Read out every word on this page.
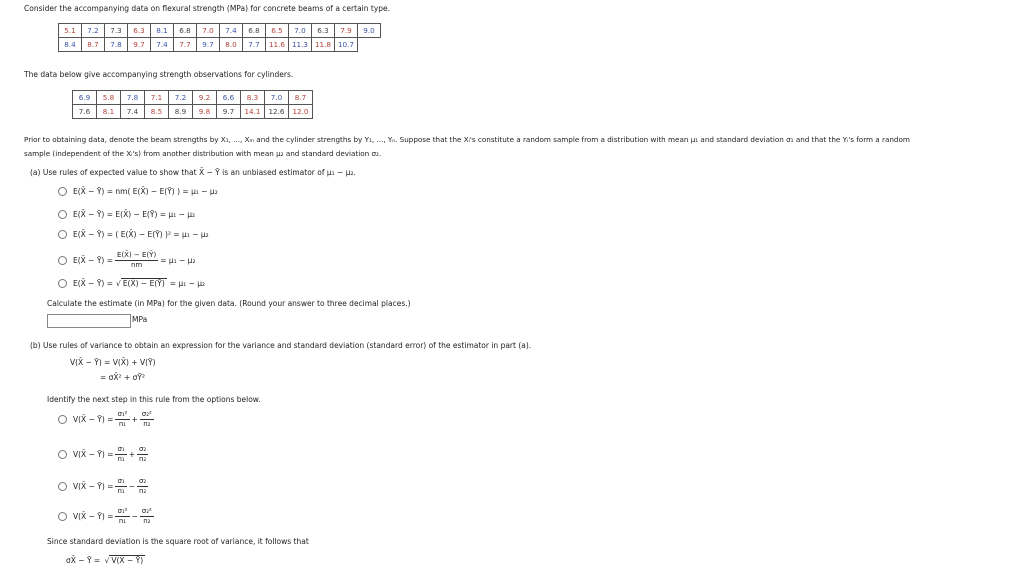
Consider the accompanying data on flexural strength (MPa) for concrete beams of a certain type.
5.1	7.2	7.3	6.3	8.1	6.8	7.0	7.4	6.8	6.5	7.0	6.3	7.9	9.0
8.4	8.7	7.8	9.7	7.4	7.7	9.7	8.0	7.7	11.6	11.3	11.8	10.7	
The data below give accompanying strength observations for cylinders.
6.9	5.8	7.8	7.1	7.2	9.2	6.6	8.3	7.0	8.7
7.6	8.1	7.4	8.5	8.9	9.8	9.7	14.1	12.6	12.0
Prior to obtaining data, denote the beam strengths by X₁, ..., Xₘ and the cylinder strengths by Y₁, ..., Yₙ. Suppose that the Xᵢ's constitute a random sample from a distribution with mean μ₁ and standard deviation σ₁ and that the Yᵢ's form a random
sample (independent of the Xᵢ's) from another distribution with mean μ₂ and standard deviation σ₂.
(a) Use rules of expected value to show that X̄ − Ȳ is an unbiased estimator of μ₁ − μ₂.
E(X̄ − Ȳ) = nm( E(X̄) − E(Ȳ) ) = μ₁ − μ₂
E(X̄ − Ȳ) = E(X̄) − E(Ȳ) = μ₁ − μ₂
E(X̄ − Ȳ) = ( E(X̄) − E(Ȳ) )² = μ₁ − μ₂
E(X̄ − Ȳ) = $\frac{E(X̄) - E(Ȳ)}{nm} = \mu_1 - \mu_2$
E(X̄ − Ȳ) = √ E(X̄) − E(Ȳ) = μ₁ − μ₂
Calculate the estimate (in MPa) for the given data. (Round your answer to three decimal places.)
MPa
(b) Use rules of variance to obtain an expression for the variance and standard deviation (standard error) of the estimator in part (a).
V(X̄ − Ȳ) = V(X̄) + V(Ȳ)
= σX̄² + σȲ²
Identify the next step in this rule from the options below.
V(X̄ − Ȳ) = $\frac{\text{σ₁²}}{\text{n₁}} + \frac{\text{σ₂²}}{\text{n₂}}$
V(X̄ − Ȳ) = $\frac{\text{σ₁}}{\text{n₁}} + \frac{\text{σ₂}}{\text{n₂}}$
V(X̄ − Ȳ) = $\frac{\text{σ₁}}{\text{n₁}} - \frac{\text{σ₂}}{\text{n₂}}$
V(X̄ − Ȳ) = $\frac{\text{σ₁²}}{\text{n₁}} - \frac{\text{σ₂²}}{\text{n₂}}$
Since standard deviation is the square root of variance, it follows that
σX̄ − Ȳ = √ V(X̄ − Ȳ)
